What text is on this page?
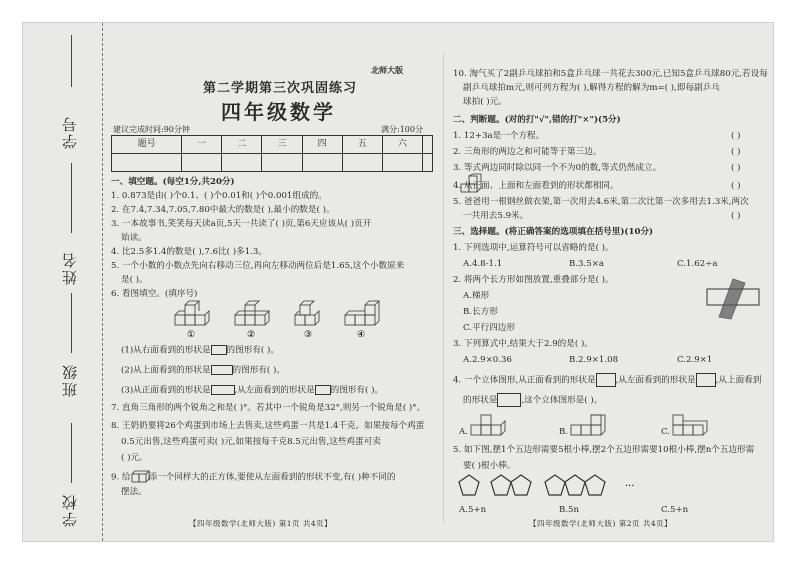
学号
姓名
班级
学校
北师大版
第二学期第三次巩固练习
四年级数学
建议完成时间:90分钟	满分:100分
题号	一	二	三	四	五	六	

一、填空题。(每空1分,共20分)
1. 0.873是由( )个0.1、( )个0.01和( )个0.001组成的。
2. 在7.4,7.34,7.05,7.80中最大的数是( ),最小的数是( )。
3. 一本故事书,笑笑每天读a页,5天一共读了( )页,第6天应该从( )页开
始读。
4. 比2.5多1.4的数是( ),7.6比( )多1.3。
5. 一个小数的小数点先向右移动三位,再向左移动两位后是1.65,这个小数原来
是( )。
6. 看图填空。(填序号)
①	②	③	④
(1)从右面看到的形状是 的图形有( )。
(2)从上面看到的形状是	的图形有( )。
(3)从正面看到的形状是	,从左面看到的形状是 的图形有( )。
7. 直角三角形的两个锐角之和是( )°。若其中一个锐角是32°,则另一个锐角是( )°。
8. 王奶奶要将26个鸡蛋到市场上去售卖,这些鸡蛋一共是1.4千克。如果按每个鸡蛋
0.5元出售,这些鸡蛋可卖( )元,如果按每千克8.5元出售,这些鸡蛋可卖
( )元。
9. 给 添一个同样大的正方体,要使从左面看到的形状不变,有( )种不同的
摆法。
【四年级数学(北师大版) 第1页 共4页】
10. 淘气买了2副乒乓球拍和5盒乒乓球一共花去300元,已知5盒乒乓球80元,若设每
副乒乓球拍m元,则可列方程为( ),解得方程的解为m=( ),即每副乒乓
球拍( )元。
二、判断题。(对的打"√",错的打"×")(5分)
1. 12+3a是一个方程。	( )
2. 三角形的两边之和可能等于第三边。	( )
3. 等式两边同时除以同一个不为0的数,等式仍然成立。	( )
4. 从正面、上面和左面看到的形状都相同。	( )
5. 爸爸用一根钢丝做衣架,第一次用去4.6米,第二次比第一次多用去1.3米,两次
一共用去5.9米。	( )
三、选择题。(将正确答案的选项填在括号里)(10分)
1. 下列选项中,运算符号可以省略的是( )。
A.4.8-1.1	B.3.5×a	C.1.62÷a
2. 将两个长方形如图放置,重叠部分是( )。
A.梯形
B.长方形
C.平行四边形
3. 下列算式中,结果大于2.9的是( )。
A.2.9×0.36	B.2.9×1.08	C.2.9×1
4. 一个立体图形,从正面看到的形状是 ,从左面看到的形状是 ,从上面看到
的形状是	,这个立体图形是( )。
A.	B.	C.
5. 如下图,摆1个五边形需要5根小棒,摆2个五边形需要10根小棒,摆n个五边形需
要( )根小棒。
···
A.5+n	B.5n	C.5+n
【四年级数学(北师大版) 第2页 共4页】
